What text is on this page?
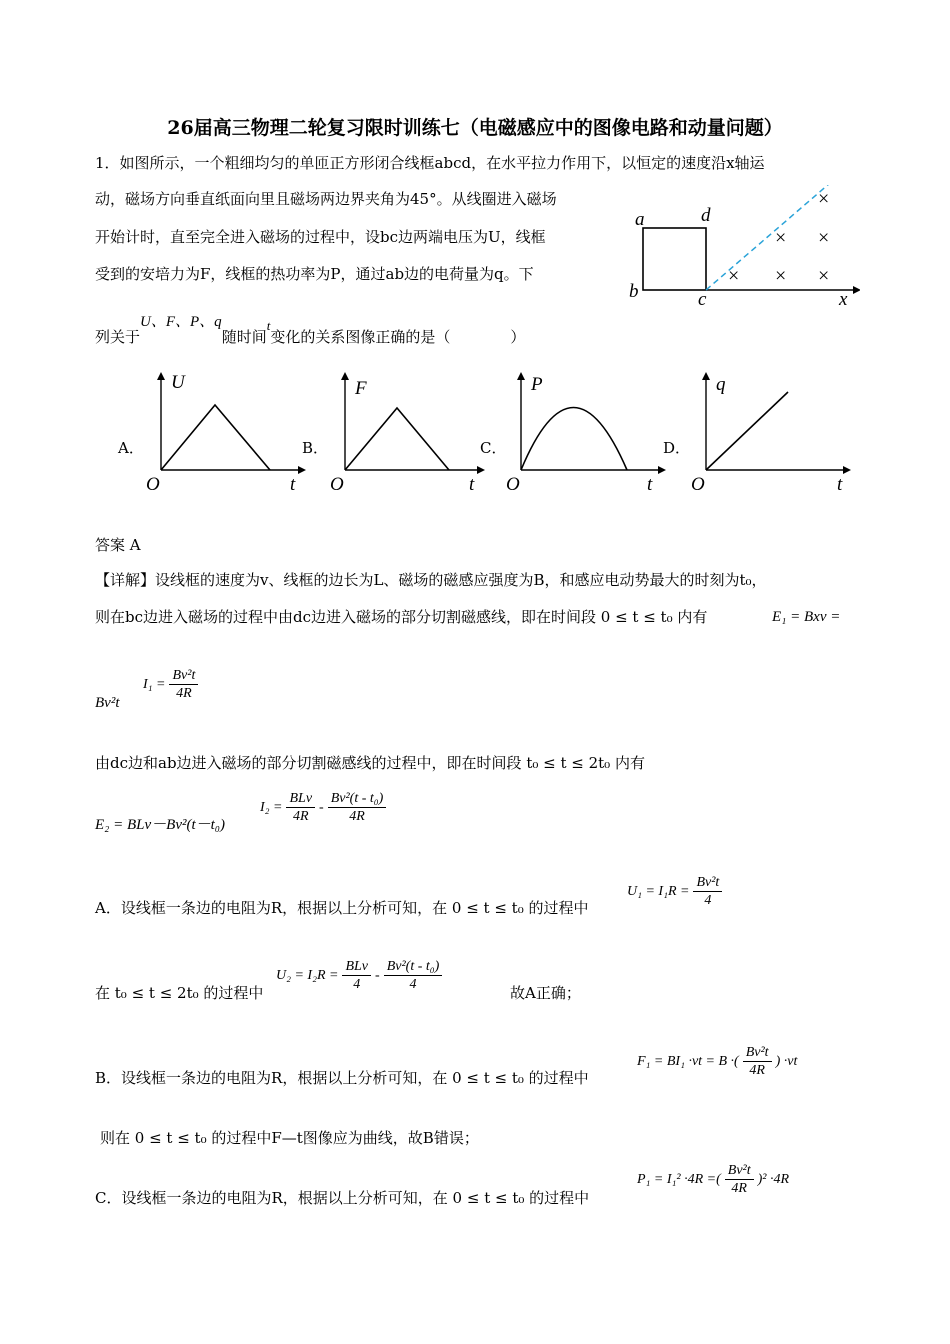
26届高三物理二轮复习限时训练七（电磁感应中的图像电路和动量问题）
1．如图所示，一个粗细均匀的单匝正方形闭合线框abcd，在水平拉力作用下，以恒定的速度沿x轴运
动，磁场方向垂直纸面向里且磁场两边界夹角为45°。从线圈进入磁场
开始计时，直至完全进入磁场的过程中，设bc边两端电压为U，线框
受到的安培力为F，线框的热功率为P，通过ab边的电荷量为q。下
列关于U、F、P、q随时间t变化的关系图像正确的是（　　　　）
a	d
b	c	x
×
× ×
× × ×
A．
U
O	t
B．
F
O	t
C．
P
O	t
D．
q
O	t
答案 A
【详解】设线框的速度为v、线框的边长为L、磁场的磁感应强度为B，和感应电动势最大的时刻为t₀，
则在bc边进入磁场的过程中由dc边进入磁场的部分切割磁感线，即在时间段 0 ≤ t ≤ t₀ 内有	E₁ = Bxv =
Bv²t
$I_1 = \frac{\text{Bv²t}}{4R}$
由dc边和ab边进入磁场的部分切割磁感线的过程中，即在时间段 t₀ ≤ t ≤ 2t₀ 内有
E₂ = BLv－Bv²(t－t₀)
$I_2 = \frac{\text{BLv}}{4R} - \frac{\text{Bv²(t - t₀)}}{4R}$
A．设线框一条边的电阻为R，根据以上分析可知，在 0 ≤ t ≤ t₀ 的过程中
$U_1 = I_1R = \frac{\text{Bv²t}}{4}$
在 t₀ ≤ t ≤ 2t₀ 的过程中
$U_2 = I_2R = \frac{\text{BLv}}{4} - \frac{\text{Bv²(t - t₀)}}{4}$	故A正确；
B．设线框一条边的电阻为R，根据以上分析可知，在 0 ≤ t ≤ t₀ 的过程中
F₁ = BI₁ ·vt = B ·( $\frac{\text{Bv²t}}{4R}$ ) ·vt
则在 0 ≤ t ≤ t₀ 的过程中F—t图像应为曲线，故B错误；
C．设线框一条边的电阻为R，根据以上分析可知，在 0 ≤ t ≤ t₀ 的过程中
P₁ = I₁² ·4R =( $\frac{\text{Bv²t}}{4R} )^2 \cdot 4R$
